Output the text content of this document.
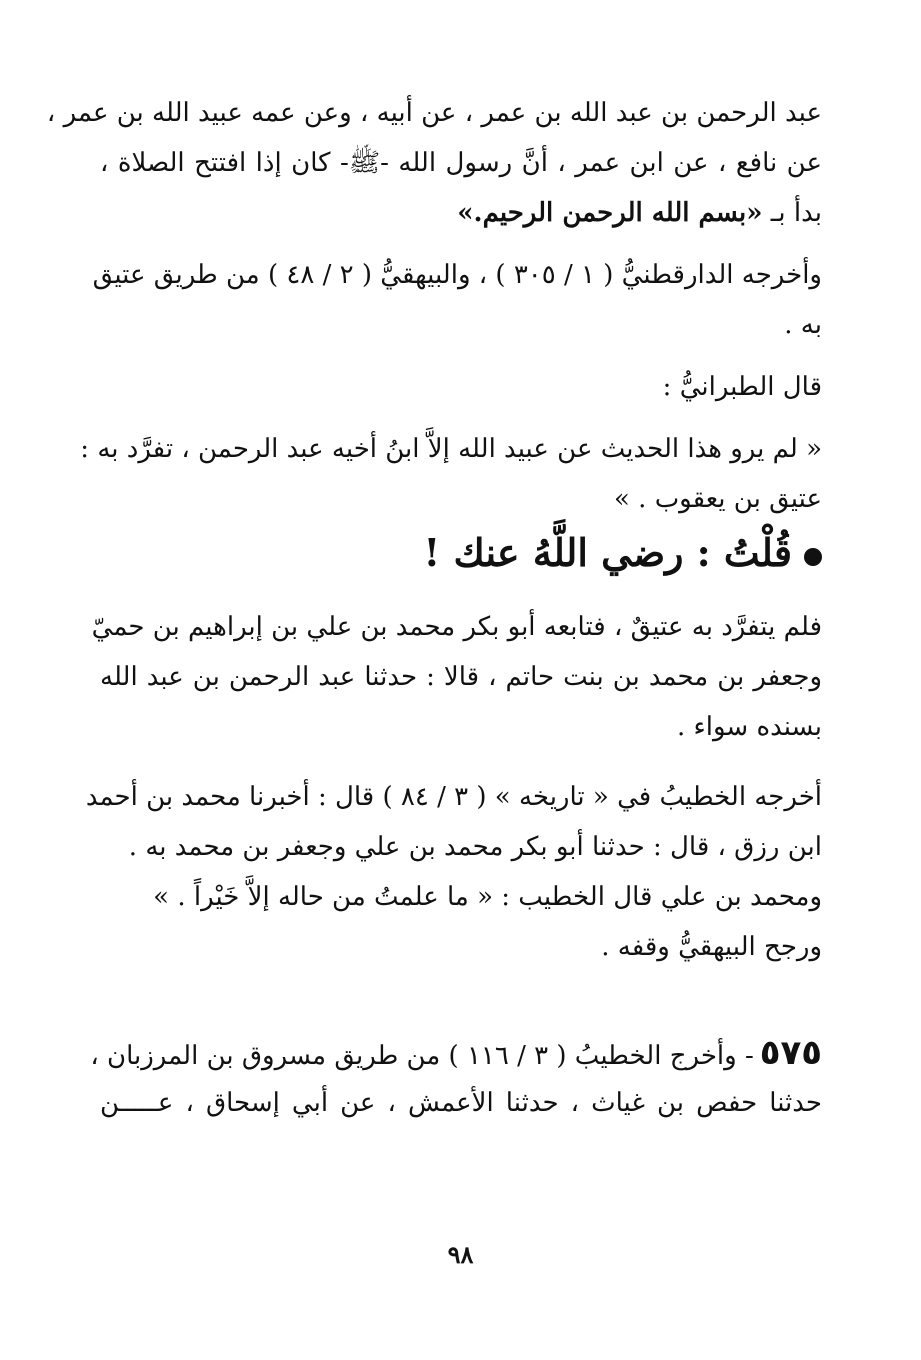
عبد الرحمن بن عبد الله بن عمر ، عن أبيه ، وعن عمه عبيد الله بن عمر ،
عن نافع ، عن ابن عمر ، أنَّ رسول الله -ﷺ- كان إذا افتتح الصلاة ،
بدأ بـ «بسم الله الرحمن الرحيم.»
وأخرجه الدارقطنيُّ ( ١ / ٣٠٥ ) ، والبيهقيُّ ( ٢ / ٤٨ ) من طريق عتيق
به .
قال الطبرانيُّ :
« لم يرو هذا الحديث عن عبيد الله إلاَّ ابنُ أخيه عبد الرحمن ، تفرَّد به :
عتيق بن يعقوب . »
قُلْتُ : رضي اللَّهُ عنك !
فلم يتفرَّد به عتيقٌ ، فتابعه أبو بكر محمد بن علي بن إبراهيم بن حميّ
وجعفر بن محمد بن بنت حاتم ، قالا : حدثنا عبد الرحمن بن عبد الله
بسنده سواء .
أخرجه الخطيبُ في « تاريخه » ( ٣ / ٨٤ ) قال : أخبرنا محمد بن أحمد
ابن رزق ، قال : حدثنا أبو بكر محمد بن علي وجعفر بن محمد به .
ومحمد بن علي قال الخطيب : « ما علمتُ من حاله إلاَّ خَيْراً . »
ورجح البيهقيُّ وقفه .
٥٧٥- وأخرج الخطيبُ ( ٣ / ١١٦ ) من طريق مسروق بن المرزبان ،
حدثنا حفص بن غياث ، حدثنا الأعمش ، عن أبي إسحاق ، عـــــن
٩٨
